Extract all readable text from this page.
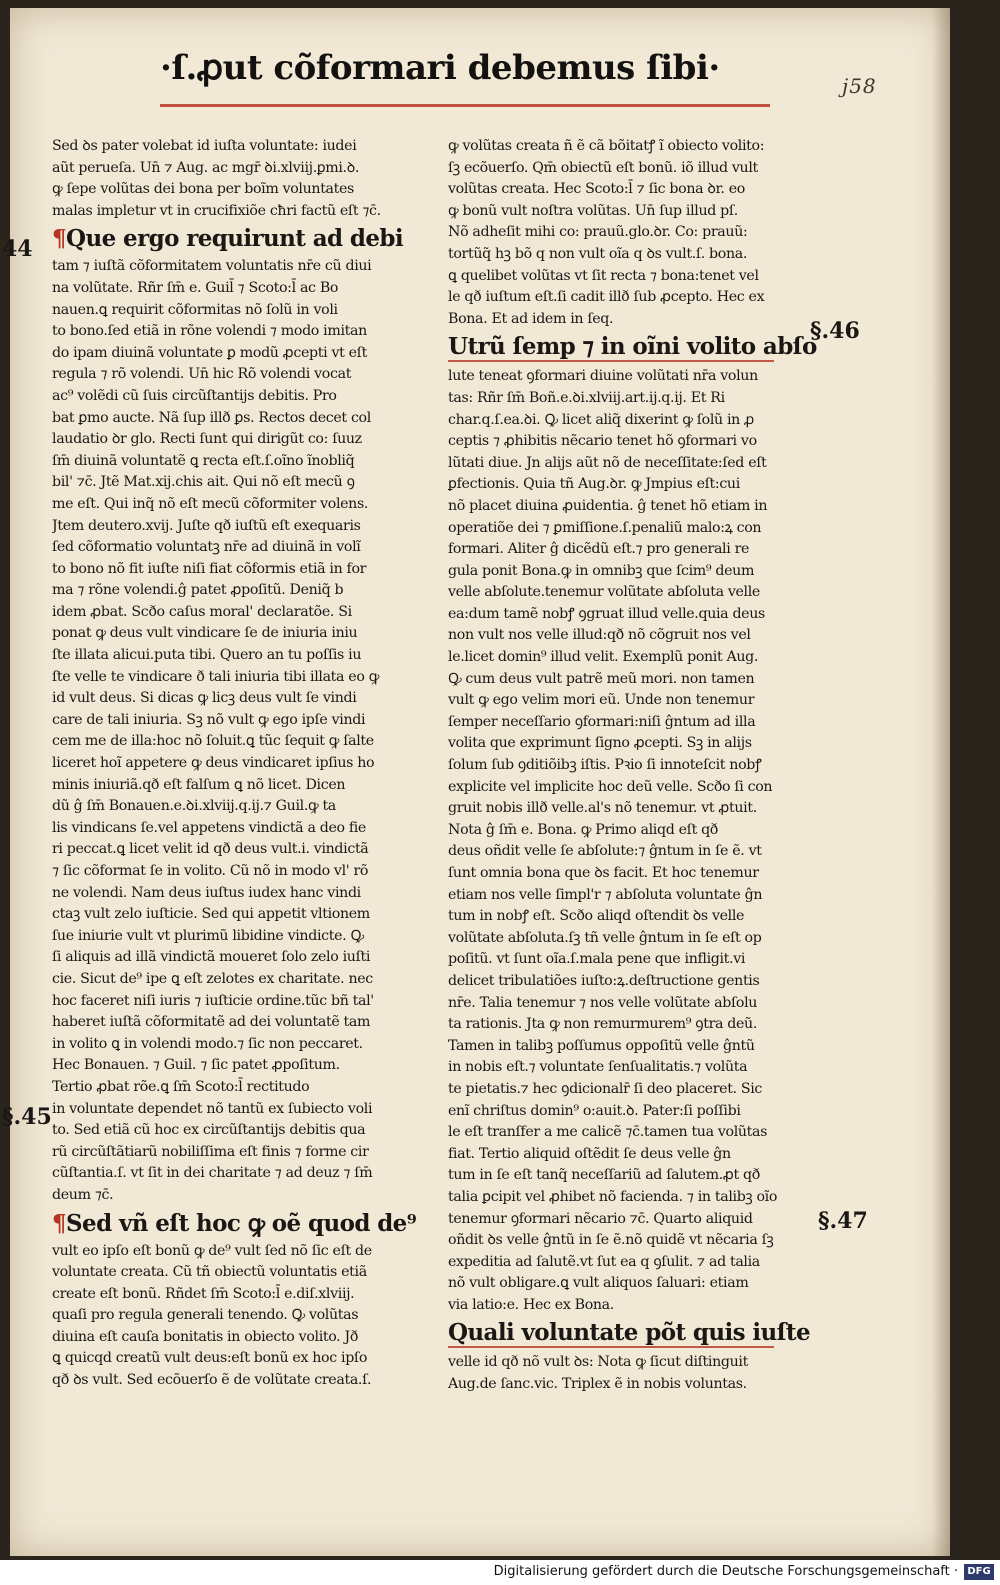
·ſ.ꝓut cõformari debemus ſibi·	j58
Sed ꝺs pater volebat id iuſta voluntate: iudei
aũt perueſa. Un̄ ⁊ Aug. ac mgr̄ ꝺi.xlviij.ꝑmi.ꝺ.
ꝙ ſepe volũtas dei bona per boĩm voluntates
malas impletur vt in crucifixiõe cħri factũ eſt ⁊c̄.
¶Que ergo requirunt ad debi
tam ⁊ iuſtã cõformitatem voluntatis nr̄e cũ diui
na volũtate. Rñr ſm̄ e. Guil̄ ⁊ Scoto:l̄ ac Bo
nauen.ꝗ requirit cõformitas nõ ſolũ in voli
to bono.ſed etiã in rõne volendi ⁊ modo imitan
do ipam diuinã voluntate ꝑ modũ ꝓcepti vt eſt
regula ⁊ rõ volendi. Un̄ hic Rõ volendi vocat
ac⁹ volẽdi cũ ſuis circũſtantijs debitis. Pro
bat ꝑmo aucte. Nã ſup illð ꝑs. Rectos decet col
laudatio ꝺr glo. Recti ſunt qui dirigũt co: ſuuz
ſm̄ diuinã voluntatẽ ꝗ recta eſt.ſ.oĩno ĩnobliq̃
bil' ⁊c̄. Jtẽ Mat.xij.chis ait. Qui nõ eſt mecũ ꝯ
me eſt. Qui inq̃ nõ eſt mecũ cõformiter volens.
Jtem deutero.xvij. Juſte qð iuſtũ eſt exequaris
ſed cõformatio voluntatꝫ nr̄e ad diuinã in volĩ
to bono nõ fit iuſte niſi fiat cõformis etiã in for
ma ⁊ rõne volendi.ĝ patet ꝓpoſitũ. Deniq̃ b
idem ꝓbat. Scðo caſus moral' declaratõe. Si
ponat ꝙ deus vult vindicare ſe de iniuria iniu
ſte illata alicui.puta tibi. Quero an tu poſſis iu
ſte velle te vindicare ð tali iniuria tibi illata eo ꝙ
id vult deus. Si dicas ꝙ licꝫ deus vult ſe vindi
care de tali iniuria. Sꝫ nõ vult ꝙ ego ipſe vindi
cem me de illa:hoc nõ ſoluit.ꝗ tũc ſequit ꝙ ſalte
liceret hoĩ appetere ꝙ deus vindicaret ipſius ho
minis iniuriã.qð eſt falſum ꝗ nõ licet. Dicen
dũ ĝ ſm̄ Bonauen.e.ꝺi.xlviij.q.ij.⁊ Guil.ꝙ ta
lis vindicans ſe.vel appetens vindictã a deo fie
ri peccat.ꝗ licet velit id qð deus vult.i. vindictã
⁊ ſic cõformat ſe in volito. Cũ nõ in modo vl' rõ
ne volendi. Nam deus iuſtus iudex hanc vindi
ctaꝫ vult zelo iuſticie. Sed qui appetit vltionem
ſue iniurie vult vt plurimũ libidine vindicte. Ꝙ
ſi aliquis ad illã vindictã moueret ſolo zelo iuſti
cie. Sicut de⁹ ipe ꝗ eſt zelotes ex charitate. nec
hoc faceret niſi iuris ⁊ iuſticie ordine.tũc bñ tal'
haberet iuſtã cõformitatẽ ad dei voluntatẽ tam
in volito ꝗ in volendi modo.⁊ ſic non peccaret.
Hec Bonauen. ⁊ Guil. ⁊ ſic patet ꝓpoſitum.
Tertio ꝓbat rõe.ꝗ ſm̄ Scoto:l̄ rectitudo
in voluntate dependet nõ tantũ ex ſubiecto voli
to. Sed etiã cũ hoc ex circũſtantijs debitis qua
rũ circũſtãtiarũ nobiliſſima eſt finis ⁊ forme cir
cũſtantia.ſ. vt ſit in dei charitate ⁊ ad deuz ⁊ ſm̄
deum ⁊c̄.
¶Sed vñ eſt hoc ꝙ oẽ quod de⁹
vult eo ipſo eſt bonũ ꝙ de⁹ vult ſed nõ ſic eſt de
voluntate creata. Cũ tñ obiectũ voluntatis etiã
create eſt bonũ. Rñdet ſm̄ Scoto:l̄ e.diſ.xlviij.
quaſi pro regula generali tenendo. Ꝙ volũtas
diuina eſt cauſa bonitatis in obiecto volito. Jð
ꝗ quicqd creatũ vult deus:eſt bonũ ex hoc ipſo
qð ꝺs vult. Sed ecõuerſo ẽ de volũtate creata.ſ.
ꝙ volũtas creata ñ ẽ cã bõitatꝭ ĩ obiecto volito:
ſꝫ ecõuerſo. Qm̄ obiectũ eſt bonũ. iõ illud vult
volũtas creata. Hec Scoto:l̄ ⁊ ſic bona ꝺr. eo
ꝙ bonũ vult noſtra volũtas. Un̄ ſup illud pſ.
Nõ adheſit mihi co: prauũ.glo.ꝺr. Co: prauũ:
tortũq̃ hꝫ bõ q non vult oĩa q ꝺs vult.ſ. bona.
ꝗ quelibet volũtas vt ſit recta ⁊ bona:tenet vel
le qð iuſtum eſt.ſi cadit illð ſub ꝓcepto. Hec ex
Bona. Et ad idem in ſeq.
Utrũ ſemp ⁊ in oĩni volito abſo
lute teneat ꝯformari diuine volũtati nr̄a volun
tas: Rñr ſm̄ Boñ.e.ꝺi.xlviij.art.ij.q.ij. Et Ri
char.q.ſ.ea.ꝺi. Ꝙ licet aliq̃ dixerint ꝙ ſolũ in ꝓ
ceptis ⁊ ꝓhibitis nẽcario tenet hõ ꝯformari vo
lũtati diue. Jn alijs aũt nõ de neceſſitate:ſed eſt
ꝑfectionis. Quia tñ Aug.ꝺr. ꝙ Jmpius eſt:cui
nõ placet diuina ꝓuidentia. ĝ tenet hõ etiam in
operatiõe dei ⁊ ꝑmiſſione.ſ.penaliũ malo:ꝝ con
formari. Aliter ĝ dicẽdũ eſt.⁊ pro generali re
gula ponit Bona.ꝙ in omnibꝫ que ſcim⁹ deum
velle abſolute.tenemur volũtate abſoluta velle
ea:dum tamẽ nobꝭ ꝯgruat illud velle.quia deus
non vult nos velle illud:qð nõ cõgruit nos vel
le.licet domin⁹ illud velit. Exemplũ ponit Aug.
Ꝙ cum deus vult patrẽ meũ mori. non tamen
vult ꝙ ego velim mori eũ. Unde non tenemur
ſemper neceſſario ꝯformari:niſi ĝntum ad illa
volita que exprimunt ſigno ꝓcepti. Sꝫ in alijs
ſolum ſub ꝯditiõibꝫ iſtis. Pꝛio ſi innoteſcit nobꝭ
explicite vel implicite hoc deũ velle. Scðo ſi con
gruit nobis illð velle.al's nõ tenemur. vt ꝓtuit.
Nota ĝ ſm̄ e. Bona. ꝙ Primo aliqd eſt qð
deus oñdit velle ſe abſolute:⁊ ĝntum in ſe ẽ. vt
ſunt omnia bona que ꝺs facit. Et hoc tenemur
etiam nos velle ſimpl'r ⁊ abſoluta voluntate ĝn
tum in nobꝭ eſt. Scðo aliqd oſtendit ꝺs velle
volũtate abſoluta.ſꝫ tñ velle ĝntum in ſe eſt op
poſitũ. vt ſunt oĩa.ſ.mala pene que infligit.vi
delicet tribulatiões iuſto:ꝝ.deſtructione gentis
nr̄e. Talia tenemur ⁊ nos velle volũtate abſolu
ta rationis. Jta ꝙ non remurmurem⁹ ꝯtra deũ.
Tamen in talibꝫ poſſumus oppoſitũ velle ĝntũ
in nobis eſt.⁊ voluntate ſenſualitatis.⁊ volũta
te pietatis.⁊ hec ꝯdicionalr̄ ſi deo placeret. Sic
enĩ chriſtus domin⁹ o:auit.ꝺ. Pater:ſi poſſibi
le eſt tranſfer a me calicẽ ⁊c̄.tamen tua volũtas
fiat. Tertio aliquid oſtẽdit ſe deus velle ĝn
tum in ſe eſt tanq̃ neceſſariũ ad ſalutem.ꝓt qð
talia ꝑcipit vel ꝓhibet nõ facienda. ⁊ in talibꝫ oĩo
tenemur ꝯformari nẽcario ⁊c̄. Quarto aliquid
oñdit ꝺs velle ĝntũ in ſe ẽ.nõ quidẽ vt nẽcaria ſꝫ
expeditia ad ſalutẽ.vt ſut ea q ꝯſulit. ⁊ ad talia
nõ vult obligare.ꝗ vult aliquos ſaluari: etiam
via latio:e. Hec ex Bona.
Quali voluntate põt quis iuſte
velle id qð nõ vult ꝺs: Nota ꝙ ſicut diſtinguit
Aug.de ſanc.vic. Triplex ẽ in nobis voluntas.
44
§.45
§.46
§.47
Digitalisierung gefördert durch die Deutsche Forschungsgemeinschaft · DFG
